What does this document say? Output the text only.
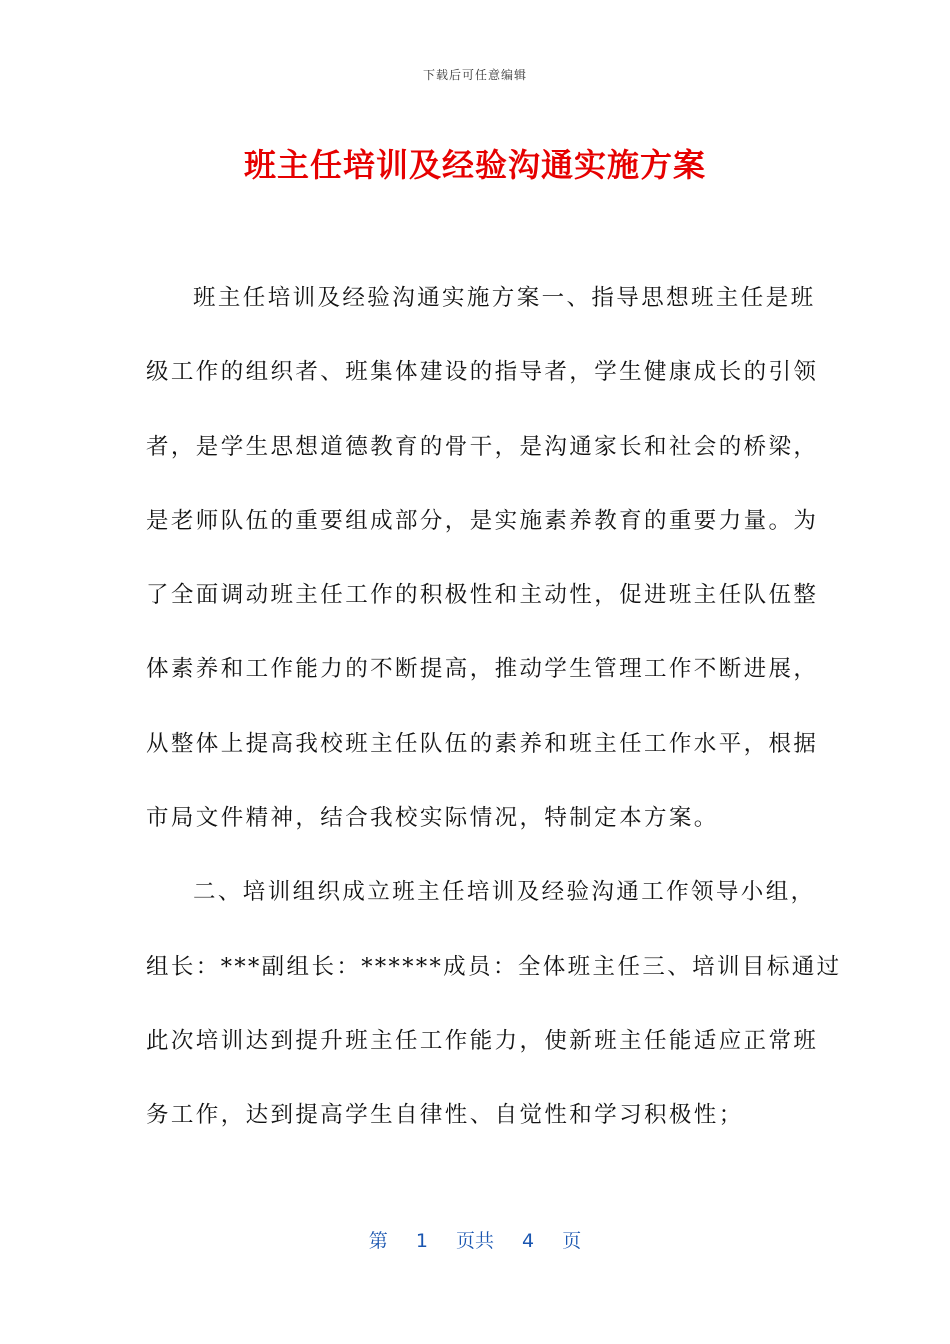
下载后可任意编辑
班主任培训及经验沟通实施方案
班主任培训及经验沟通实施方案一、指导思想班主任是班
级工作的组织者、班集体建设的指导者，学生健康成长的引领
者，是学生思想道德教育的骨干，是沟通家长和社会的桥梁，
是老师队伍的重要组成部分，是实施素养教育的重要力量。为
了全面调动班主任工作的积极性和主动性，促进班主任队伍整
体素养和工作能力的不断提高，推动学生管理工作不断进展，
从整体上提高我校班主任队伍的素养和班主任工作水平，根据
市局文件精神，结合我校实际情况，特制定本方案。
二、培训组织成立班主任培训及经验沟通工作领导小组，
组长：***副组长：******成员：全体班主任三、培训目标通过
此次培训达到提升班主任工作能力，使新班主任能适应正常班
务工作，达到提高学生自律性、自觉性和学习积极性；
第 1 页共 4 页
